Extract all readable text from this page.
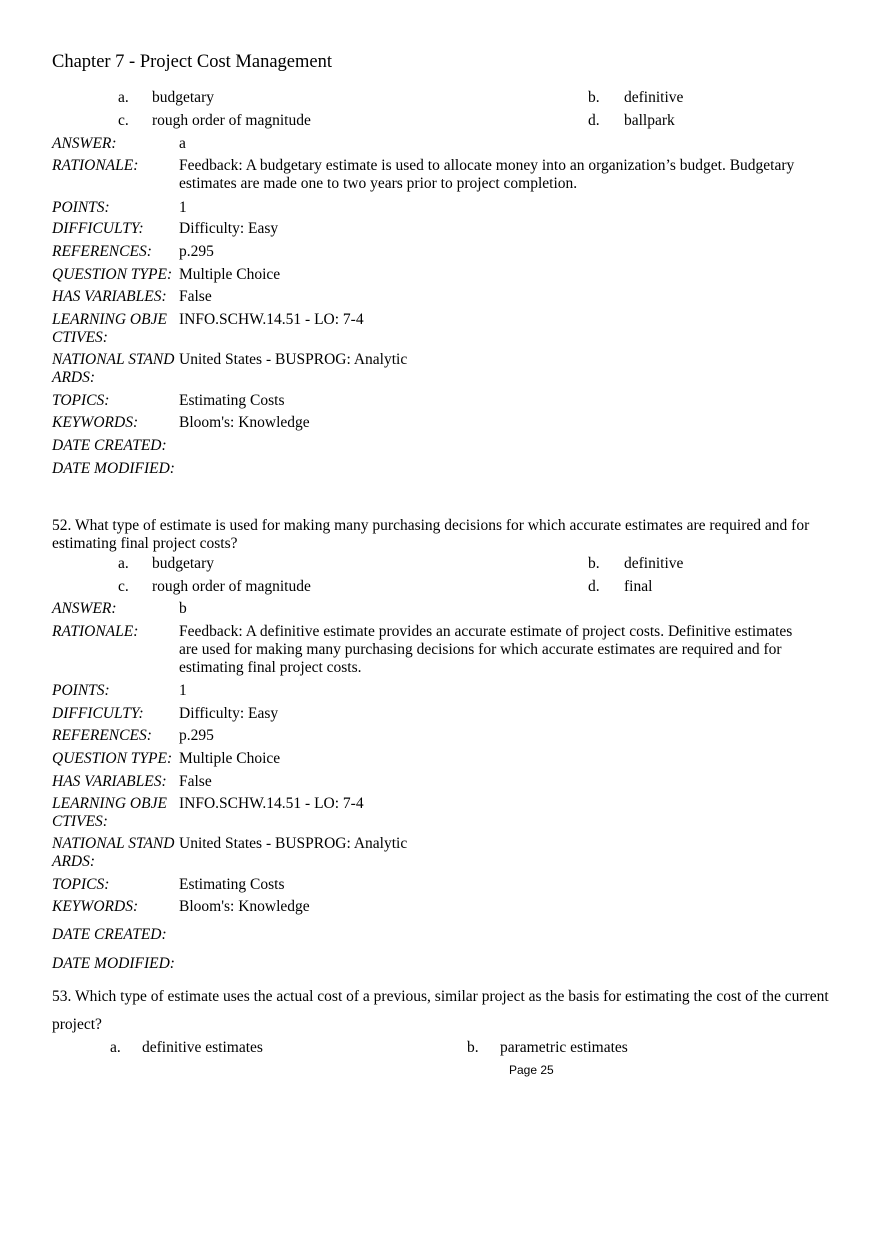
Chapter 7 - Project Cost Management
a. budgetary	b. definitive
c. rough order of magnitude	d. ballpark
ANSWER:	a
RATIONALE:	Feedback: A budgetary estimate is used to allocate money into an organization’s budget. Budgetary estimates are made one to two years prior to project completion.
POINTS:	1
DIFFICULTY: Difficulty: Easy
REFERENCES: p.295
QUESTION TYPE: Multiple Choice
HAS VARIABLES: False
LEARNING OBJE
CTIVES:
INFO.SCHW.14.51 - LO: 7-4
NATIONAL STAND
ARDS:
United States - BUSPROG: Analytic
TOPICS:	Estimating Costs
KEYWORDS:	Bloom's: Knowledge
DATE CREATED:
DATE MODIFIED:
52. What type of estimate is used for making many purchasing decisions for which accurate estimates are required and for estimating final project costs?
a. budgetary	b. definitive
c. rough order of magnitude	d. final
ANSWER:	b
RATIONALE:	Feedback: A definitive estimate provides an accurate estimate of project costs. Definitive estimates are used for making many purchasing decisions for which accurate estimates are required and for estimating final project costs.
POINTS:	1
DIFFICULTY: Difficulty: Easy
REFERENCES: p.295
QUESTION TYPE: Multiple Choice
HAS VARIABLES: False
LEARNING OBJE
CTIVES:
INFO.SCHW.14.51 - LO: 7-4
NATIONAL STAND
ARDS:
United States - BUSPROG: Analytic
TOPICS:	Estimating Costs
KEYWORDS:	Bloom's: Knowledge
DATE CREATED:
DATE MODIFIED:
53. Which type of estimate uses the actual cost of a previous, similar project as the basis for estimating the cost of the current project?
a. definitive estimates	b. parametric estimates
Page 25
